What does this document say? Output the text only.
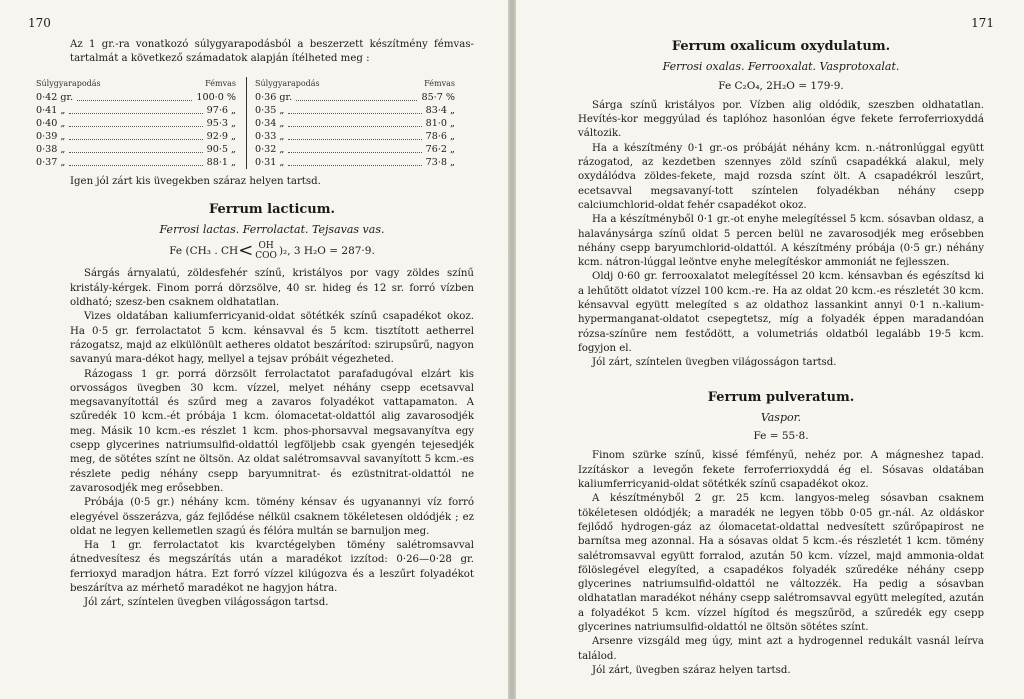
170

Az 1 gr.-ra vonatkozó súlygyarapodásból a beszerzett készítmény fémvas-tartalmát a következő számadatok alapján ítélheted meg :

Súlygyarapodás	Fémvas
0·42 gr.	100·0 %
0·41 „	97·6 „
0·40 „	95·3 „
0·39 „	92·9 „
0·38 „	90·5 „
0·37 „	88·1 „
Súlygyarapodás	Fémvas
0·36 gr.	85·7 %
0·35 „	83·4 „
0·34 „	81·0 „
0·33 „	78·6 „
0·32 „	76·2 „
0·31 „	73·8 „

Igen jól zárt kis üvegekben száraz helyen tartsd.

Ferrum lacticum.
Ferrosi lactas. Ferrolactat. Tejsavas vas.
Fe (CH₃ . CH< OH
COO )₂, 3 H₂O = 287·9.

Sárgás árnyalatú, zöldesfehér színű, kristályos por vagy zöldes színű kristály-kérgek. Finom porrá dörzsölve, 40 sr. hideg és 12 sr. forró vízben oldható; szesz-ben csaknem oldhatatlan.

Vizes oldatában kaliumferricyanid-oldat sötétkék színű csapadékot okoz. Ha 0·5 gr. ferrolactatot 5 kcm. kénsavval és 5 kcm. tisztított aetherrel rázogatsz, majd az elkülönült aetheres oldatot beszárítod: szirupsűrű, nagyon savanyú mara-dékot hagy, mellyel a tejsav próbáit végezheted.

Rázogass 1 gr. porrá dörzsölt ferrolactatot parafadugóval elzárt kis orvosságos üvegben 30 kcm. vízzel, melyet néhány csepp ecetsavval megsavanyítottál és szűrd meg a zavaros folyadékot vattapamaton. A szűredék 10 kcm.-ét próbája 1 kcm. ólomacetat-oldattól alig zavarosodjék meg. Másik 10 kcm.-es részlet 1 kcm. phos-phorsavval megsavanyítva egy csepp glycerines natriumsulfid-oldattól legföljebb csak gyengén tejesedjék meg, de sötétes színt ne öltsön. Az oldat salétromsavval savanyított 5 kcm.-es részlete pedig néhány csepp baryumnitrat- és ezüstnitrat-oldattól ne zavarosodjék meg erősebben.

Próbája (0·5 gr.) néhány kcm. tömény kénsav és ugyanannyi víz forró elegyével összerázva, gáz fejlődése nélkül csaknem tökéletesen oldódjék ; ez oldat ne legyen kellemetlen szagú és félóra multán se barnuljon meg.

Ha 1 gr. ferrolactatot kis kvarctégelyben tömény salétromsavval átnedvesítesz és megszárítás után a maradékot izzítod: 0·26—0·28 gr. ferrioxyd maradjon hátra. Ezt forró vízzel kilúgozva és a leszűrt folyadékot beszárítva az mérhető maradékot ne hagyjon hátra.

Jól zárt, színtelen üvegben világosságon tartsd.

171
Ferrum oxalicum oxydulatum.
Ferrosi oxalas. Ferrooxalat. Vasprotoxalat.
Fe C₂O₄, 2H₂O = 179·9.

Sárga színű kristályos por. Vízben alig oldódik, szeszben oldhatatlan. Hevítés-kor meggyúlad és taplóhoz hasonlóan égve fekete ferroferrioxyddá változik.

Ha a készítmény 0·1 gr.-os próbáját néhány kcm. n.-nátronlúggal együtt rázogatod, az kezdetben szennyes zöld színű csapadékká alakul, mely oxydálódva zöldes-fekete, majd rozsda színt ölt. A csapadékról leszűrt, ecetsavval megsavanyí-tott színtelen folyadékban néhány csepp calciumchlorid-oldat fehér csapadékot okoz.

Ha a készítményből 0·1 gr.-ot enyhe melegítéssel 5 kcm. sósavban oldasz, a halaványsárga színű oldat 5 percen belül ne zavarosodjék meg erősebben néhány csepp baryumchlorid-oldattól. A készítmény próbája (0·5 gr.) néhány kcm. nátron-lúggal leöntve enyhe melegítéskor ammoniát ne fejlesszen.

Oldj 0·60 gr. ferrooxalatot melegítéssel 20 kcm. kénsavban és egészítsd ki a lehűtött oldatot vízzel 100 kcm.-re. Ha az oldat 20 kcm.-es részletét 30 kcm. kénsavval együtt melegíted s az oldathoz lassankint annyi 0·1 n.-kalium-hypermanganat-oldatot csepegtetsz, míg a folyadék éppen maradandóan rózsa-színűre nem festődött, a volumetriás oldatból legalább 19·5 kcm. fogyjon el.

Jól zárt, színtelen üvegben világosságon tartsd.

Ferrum pulveratum.
Vaspor.
Fe = 55·8.

Finom szürke színű, kissé fémfényű, nehéz por. A mágneshez tapad. Izzításkor a levegőn fekete ferroferrioxyddá ég el. Sósavas oldatában kaliumferricyanid-oldat sötétkék színű csapadékot okoz.

A készítményből 2 gr. 25 kcm. langyos-meleg sósavban csaknem tökéletesen oldódjék; a maradék ne legyen több 0·05 gr.-nál. Az oldáskor fejlődő hydrogen-gáz az ólomacetat-oldattal nedvesített szűrőpapirost ne barnítsa meg azonnal. Ha a sósavas oldat 5 kcm.-és részletét 1 kcm. tömény salétromsavval együtt forralod, azután 50 kcm. vízzel, majd ammonia-oldat fölöslegével elegyíted, a csapadékos folyadék szűredéke néhány csepp glycerines natriumsulfid-oldattól ne változzék. Ha pedig a sósavban oldhatatlan maradékot néhány csepp salétromsavval együtt melegíted, azután a folyadékot 5 kcm. vízzel hígítod és megszűröd, a szűredék egy csepp glycerines natriumsulfid-oldattól ne öltsön sötétes színt.

Arsenre vizsgáld meg úgy, mint azt a hydrogennel redukált vasnál leírva találod.

Jól zárt, üvegben száraz helyen tartsd.
